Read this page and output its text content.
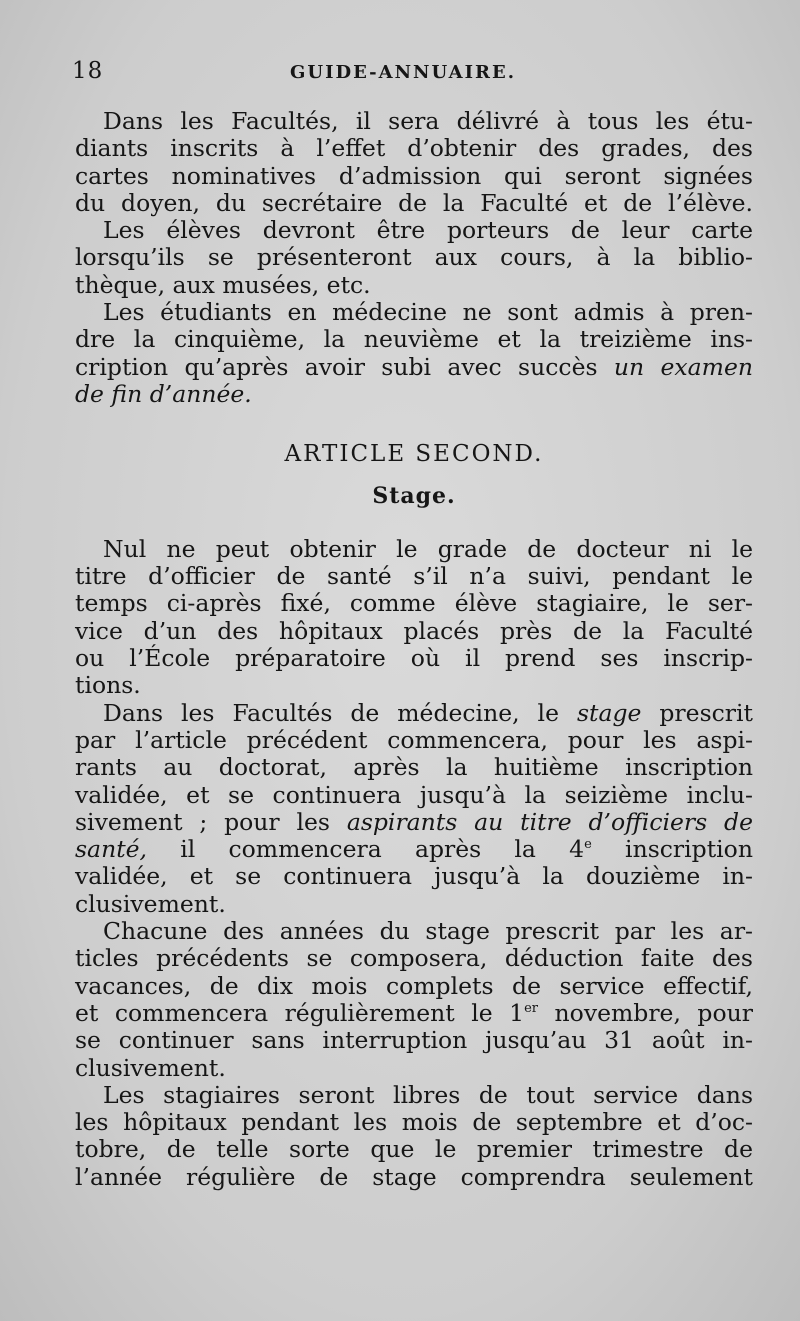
18	GUIDE-ANNUAIRE.

Dans les Facultés, il sera délivré à tous les étu-
diants inscrits à l’effet d’obtenir des grades, des
cartes nominatives d’admission qui seront signées
du doyen, du secrétaire de la Faculté et de l’élève.

Les élèves devront être porteurs de leur carte
lorsqu’ils se présenteront aux cours, à la biblio-
thèque, aux musées, etc.

Les étudiants en médecine ne sont admis à pren-
dre la cinquième, la neuvième et la treizième ins-
cription qu’après avoir subi avec succès un examen
de fin d’année.

ARTICLE SECOND.
Stage.

Nul ne peut obtenir le grade de docteur ni le
titre d’officier de santé s’il n’a suivi, pendant le
temps ci-après fixé, comme élève stagiaire, le ser-
vice d’un des hôpitaux placés près de la Faculté
ou l’École préparatoire où il prend ses inscrip-
tions.

Dans les Facultés de médecine, le stage prescrit
par l’article précédent commencera, pour les aspi-
rants au doctorat, après la huitième inscription
validée, et se continuera jusqu’à la seizième inclu-
sivement ; pour les aspirants au titre d’officiers de
santé, il commencera après la 4e inscription
validée, et se continuera jusqu’à la douzième in-
clusivement.

Chacune des années du stage prescrit par les ar-
ticles précédents se composera, déduction faite des
vacances, de dix mois complets de service effectif,
et commencera régulièrement le 1er novembre, pour
se continuer sans interruption jusqu’au 31 août in-
clusivement.

Les stagiaires seront libres de tout service dans
les hôpitaux pendant les mois de septembre et d’oc-
tobre, de telle sorte que le premier trimestre de
l’année régulière de stage comprendra seulement
